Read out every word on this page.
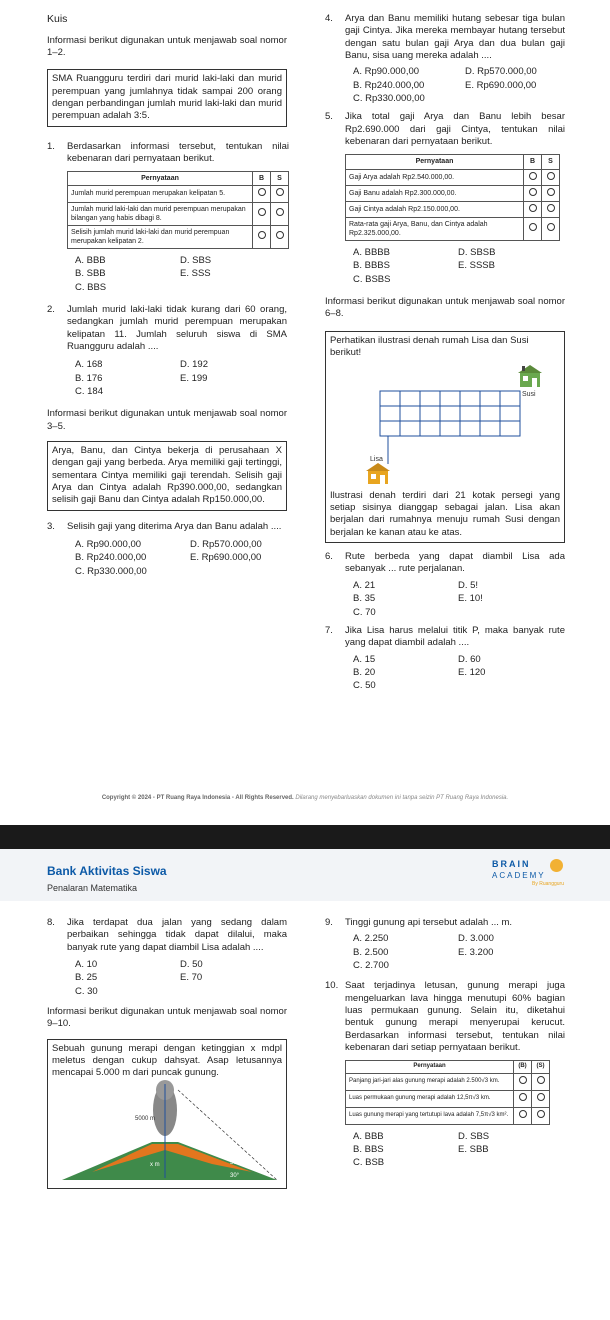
Kuis
Informasi berikut digunakan untuk menjawab soal nomor 1–2.
SMA Ruangguru terdiri dari murid laki-laki dan murid perempuan yang jumlahnya tidak sampai 200 orang dengan perbandingan jumlah murid laki-laki dan murid perempuan adalah 3:5.
1.	Berdasarkan informasi tersebut, tentukan nilai kebenaran dari pernyataan berikut.
Pernyataan	B	S
Jumlah murid perempuan merupakan kelipatan 5.		
Jumlah murid laki-laki dan murid perempuan merupakan bilangan yang habis dibagi 8.		
Selisih jumlah murid laki-laki dan murid perempuan merupakan kelipatan 2.		
A. BBB	D. SBS
B. SBB	E. SSS
C. BBS
2.	Jumlah murid laki-laki tidak kurang dari 60 orang, sedangkan jumlah murid perempuan merupakan kelipatan 11. Jumlah seluruh siswa di SMA Ruangguru adalah ....
A. 168	D. 192
B. 176	E. 199
C. 184
Informasi berikut digunakan untuk menjawab soal nomor 3–5.
Arya, Banu, dan Cintya bekerja di perusahaan X dengan gaji yang berbeda. Arya memiliki gaji tertinggi, sementara Cintya memiliki gaji terendah. Selisih gaji Arya dan Cintya adalah Rp390.000,00, sedangkan selisih gaji Banu dan Cintya adalah Rp150.000,00.
3.	Selisih gaji yang diterima Arya dan Banu adalah ....
A. Rp90.000,00	D. Rp570.000,00
B. Rp240.000,00	E. Rp690.000,00
C. Rp330.000,00
4.	Arya dan Banu memiliki hutang sebesar tiga bulan gaji Cintya. Jika mereka membayar hutang tersebut dengan satu bulan gaji Arya dan dua bulan gaji Banu, sisa uang mereka adalah ....
A. Rp90.000,00	D. Rp570.000,00
B. Rp240.000,00	E. Rp690.000,00
C. Rp330.000,00
5.	Jika total gaji Arya dan Banu lebih besar Rp2.690.000 dari gaji Cintya, tentukan nilai kebenaran dari pernyataan berikut.
Pernyataan	B	S
Gaji Arya adalah Rp2.540.000,00.		
Gaji Banu adalah Rp2.300.000,00.		
Gaji Cintya adalah Rp2.150.000,00.		
Rata-rata gaji Arya, Banu, dan Cintya adalah Rp2.325.000,00.		
A. BBBB	D. SBSB
B. BBBS	E. SSSB
C. BSBS
Informasi berikut digunakan untuk menjawab soal nomor 6–8.
Perhatikan ilustrasi denah rumah Lisa dan Susi berikut!
Susi
Lisa
Ilustrasi denah terdiri dari 21 kotak persegi yang setiap sisinya dianggap sebagai jalan. Lisa akan berjalan dari rumahnya menuju rumah Susi dengan berjalan ke kanan atau ke atas.
6.	Rute berbeda yang dapat diambil Lisa ada sebanyak ... rute perjalanan.
A. 21	D. 5!
B. 35	E. 10!
C. 70
7.	Jika Lisa harus melalui titik P, maka banyak rute yang dapat diambil adalah ....
A. 15	D. 60
B. 20	E. 120
C. 50
Copyright © 2024 - PT Ruang Raya Indonesia - All Rights Reserved. Dilarang menyebarluaskan dokumen ini tanpa seizin PT Ruang Raya Indonesia.
Bank Aktivitas Siswa
Penalaran Matematika
BRAIN
ACADEMY
By Ruangguru
8.	Jika terdapat dua jalan yang sedang dalam perbaikan sehingga tidak dapat dilalui, maka banyak rute yang dapat diambil Lisa adalah ....
A. 10	D. 50
B. 25	E. 70
C. 30
Informasi berikut digunakan untuk menjawab soal nomor 9–10.
Sebuah gunung merapi dengan ketinggian x mdpl meletus dengan cukup dahsyat. Asap letusannya mencapai 5.000 m dari puncak gunung.
5000 m
x m	30°
30°
9.	Tinggi gunung api tersebut adalah ... m.
A. 2.250	D. 3.000
B. 2.500	E. 3.200
C. 2.700
10. Saat terjadinya letusan, gunung merapi juga mengeluarkan lava hingga menutupi 60% bagian luas permukaan gunung. Selain itu, diketahui bentuk gunung merapi menyerupai kerucut. Berdasarkan informasi tersebut, tentukan nilai kebenaran dari setiap pernyataan berikut.
Pernyataan	(B)	(S)
Panjang jari-jari alas gunung merapi adalah 2.500√3 km.		
Luas permukaan gunung merapi adalah 12,5π√3 km.		
Luas gunung merapi yang tertutupi lava adalah 7,5π√3 km².		
A. BBB	D. SBS
B. BBS	E. SBB
C. BSB
